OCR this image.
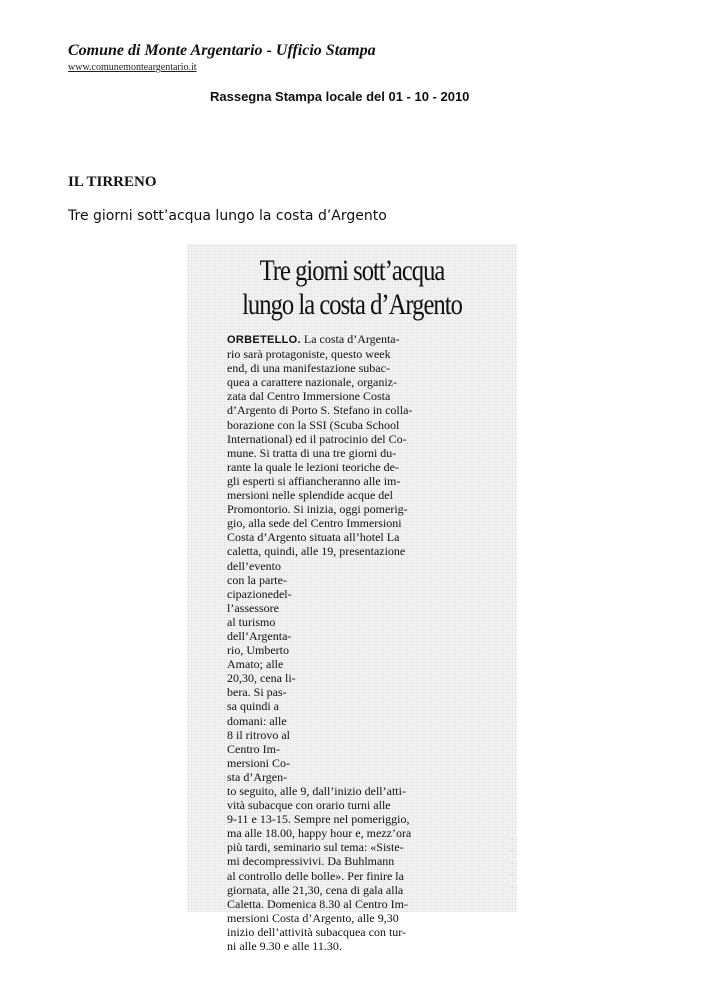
Comune di Monte Argentario - Ufficio Stampa
www.comunemonteargentario.it
Rassegna Stampa locale del 01 - 10 - 2010
IL TIRRENO
Tre giorni sott’acqua lungo la costa d’Argento
Tre giorni sott’acqua
lungo la costa d’Argento
ORBETELLO. La costa d’Argenta-
rio sarà protagoniste, questo week
end, di una manifestazione subac-
quea a carattere nazionale, organiz-
zata dal Centro Immersione Costa
d’Argento di Porto S. Stefano in colla-
borazione con la SSI (Scuba School
International) ed il patrocinio del Co-
mune. Si tratta di una tre giorni du-
rante la quale le lezioni teoriche de-
gli esperti si affiancheranno alle im-
mersioni nelle splendide acque del
Promontorio. Si inizia, oggi pomerig-
gio, alla sede del Centro Immersioni
Costa d’Argento situata all’hotel La
caletta, quindi, alle 19, presentazione
dell’evento
con la parte-
cipazionedel-
l’assessore
al turismo
dell’Argenta-
rio, Umberto
Amato; alle
20,30, cena li-
bera. Si pas-
sa quindi a
domani: alle
8 il ritrovo al
Centro Im-
mersioni Co-
sta d’Argen-
to seguito, alle 9, dall’inizio dell’atti-
vità subacque con orario turni alle
9-11 e 13-15. Sempre nel pomeriggio,
ma alle 18.00, happy hour e, mezz’ora
più tardi, seminario sul tema: «Siste-
mi decompressivivi. Da Buhlmann
al controllo delle bolle». Per finire la
giornata, alle 21,30, cena di gala alla
Caletta. Domenica 8.30 al Centro Im-
mersioni Costa d’Argento, alle 9,30
inizio dell’attività subacquea con tur-
ni alle 9.30 e alle 11.30.
·
·
·
·
·
